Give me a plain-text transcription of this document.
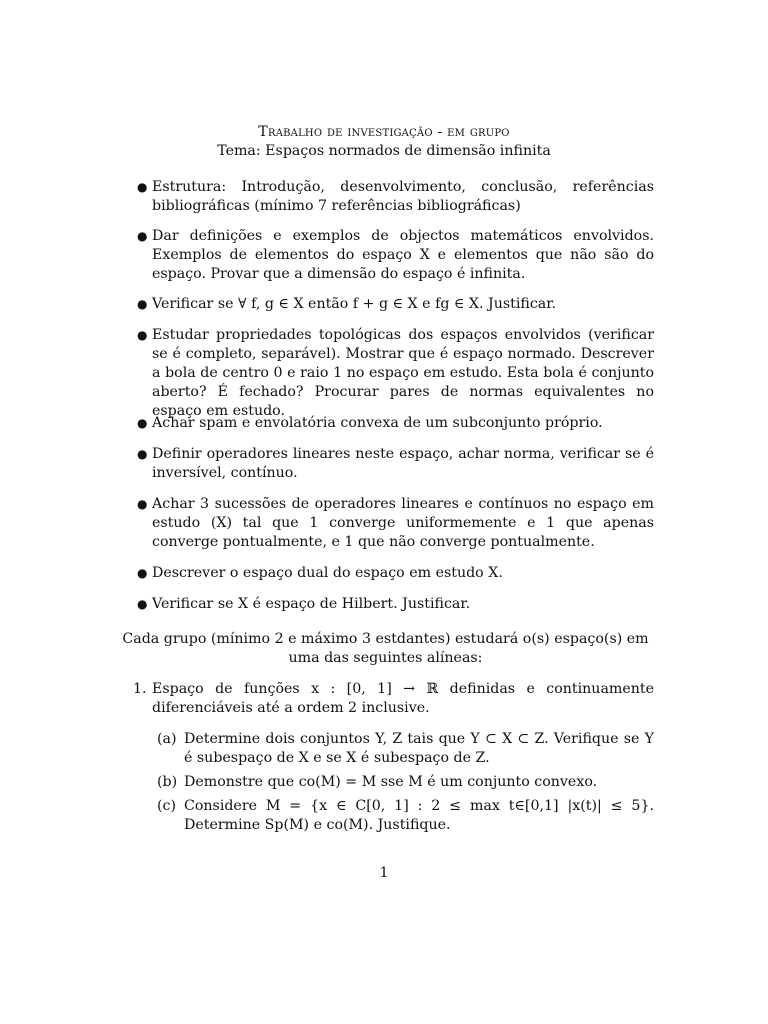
Trabalho de investigação - em grupo
Tema: Espaços normados de dimensão infinita
● Estrutura: Introdução, desenvolvimento, conclusão, referências bibliográficas (mínimo 7 referências bibliográficas)
● Dar definições e exemplos de objectos matemáticos envolvidos. Exemplos de elementos do espaço X e elementos que não são do espaço. Provar que a dimensão do espaço é infinita.
● Verificar se ∀ f, g ∈ X então f + g ∈ X e fg ∈ X. Justificar.
● Estudar propriedades topológicas dos espaços envolvidos (verificar se é completo, separável). Mostrar que é espaço normado. Descrever a bola de centro 0 e raio 1 no espaço em estudo. Esta bola é conjunto aberto? É fechado? Procurar pares de normas equivalentes no espaço em estudo.
● Achar spam e envolatória convexa de um subconjunto próprio.
● Definir operadores lineares neste espaço, achar norma, verificar se é inversível, contínuo.
● Achar 3 sucessões de operadores lineares e contínuos no espaço em estudo (X) tal que 1 converge uniformemente e 1 que apenas converge pontualmente, e 1 que não converge pontualmente.
● Descrever o espaço dual do espaço em estudo X.
● Verificar se X é espaço de Hilbert. Justificar.
Cada grupo (mínimo 2 e máximo 3 estdantes) estudará o(s) espaço(s) em uma das seguintes alíneas:
1. Espaço de funções x : [0, 1] → ℝ definidas e continuamente diferenciáveis até a ordem 2 inclusive.
(a) Determine dois conjuntos Y, Z tais que Y ⊂ X ⊂ Z. Verifique se Y é subespaço de X e se X é subespaço de Z.
(b) Demonstre que co(M) = M sse M é um conjunto convexo.
(c) Considere M = {x ∈ C[0, 1] : 2 ≤ max t∈[0,1] |x(t)| ≤ 5}. Determine Sp(M) e co(M). Justifique.
1
